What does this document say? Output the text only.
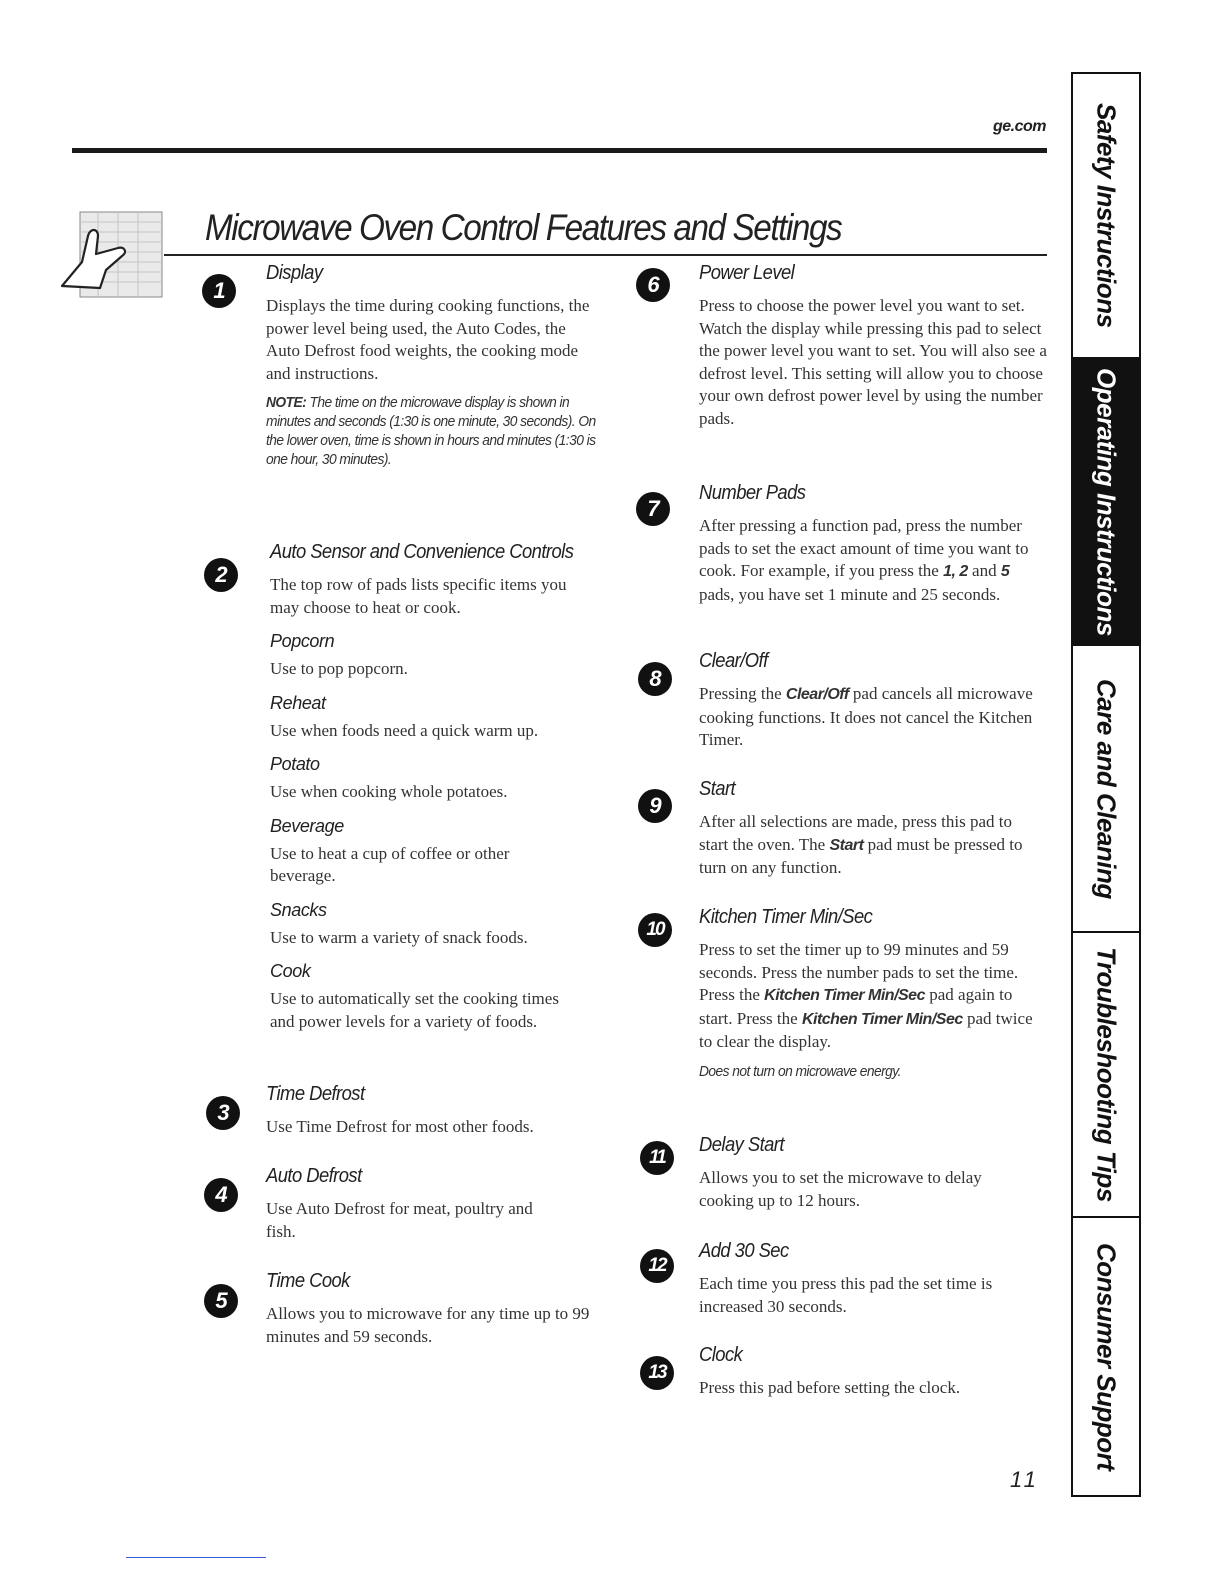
ge.com
Microwave Oven Control Features and Settings
1
Display

Displays the time during cooking functions, the power level being used, the Auto Codes, the Auto Defrost food weights, the cooking mode and instructions.

NOTE: The time on the microwave display is shown in minutes and seconds (1:30 is one minute, 30 seconds). On the lower oven, time is shown in hours and minutes (1:30 is one hour, 30 minutes).

2
Auto Sensor and Convenience Controls

The top row of pads lists specific items you may choose to heat or cook.

Popcorn

Use to pop popcorn.

Reheat

Use when foods need a quick warm up.

Potato

Use when cooking whole potatoes.

Beverage

Use to heat a cup of coffee or other beverage.

Snacks

Use to warm a variety of snack foods.

Cook

Use to automatically set the cooking times and power levels for a variety of foods.

3
Time Defrost

Use Time Defrost for most other foods.

4
Auto Defrost

Use Auto Defrost for meat, poultry and fish.

5
Time Cook

Allows you to microwave for any time up to 99 minutes and 59 seconds.

6	Power Level

Press to choose the power level you want to set. Watch the display while pressing this pad to select the power level you want to set. You will also see a defrost level. This setting will allow you to choose your own defrost power level by using the number pads.

7
Number Pads

After pressing a function pad, press the number pads to set the exact amount of time you want to cook. For example, if you press the 1, 2 and 5 pads, you have set 1 minute and 25 seconds.

8
Clear/Off

Pressing the Clear/Off pad cancels all microwave cooking functions. It does not cancel the Kitchen Timer.

9
Start

After all selections are made, press this pad to start the oven. The Start pad must be pressed to turn on any function.

10
Kitchen Timer Min/Sec

Press to set the timer up to 99 minutes and 59 seconds. Press the number pads to set the time. Press the Kitchen Timer Min/Sec pad again to start. Press the Kitchen Timer Min/Sec pad twice to clear the display.

Does not turn on microwave energy.

11
Delay Start

Allows you to set the microwave to delay cooking up to 12 hours.

12
Add 30 Sec

Each time you press this pad the set time is increased 30 seconds.

13
Clock

Press this pad before setting the clock.

Safety Instructions
Operating Instructions
Care and Cleaning
Troubleshooting Tips
Consumer Support
11
